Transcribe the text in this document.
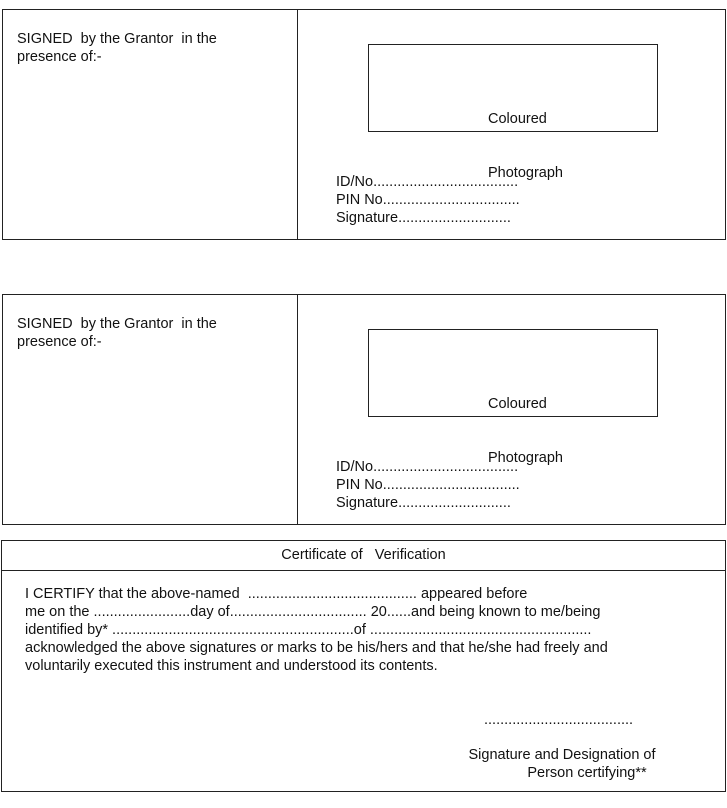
SIGNED  by the Grantor  in the presence of:-

Coloured

Photograph

ID/No....................................
PIN No..................................
Signature............................
SIGNED  by the Grantor  in the presence of:-

Coloured

Photograph

ID/No....................................
PIN No..................................
Signature............................
Certificate of   Verification
I CERTIFY that the above-named  .......................................... appeared before
me on the ........................day of.................................. 20......and being known to me/being
identified by* ............................................................of .......................................................
acknowledged the above signatures or marks to be his/hers and that he/she had freely and
voluntarily executed this instrument and understood its contents.
.....................................
Signature and Designation of
Person certifying**
